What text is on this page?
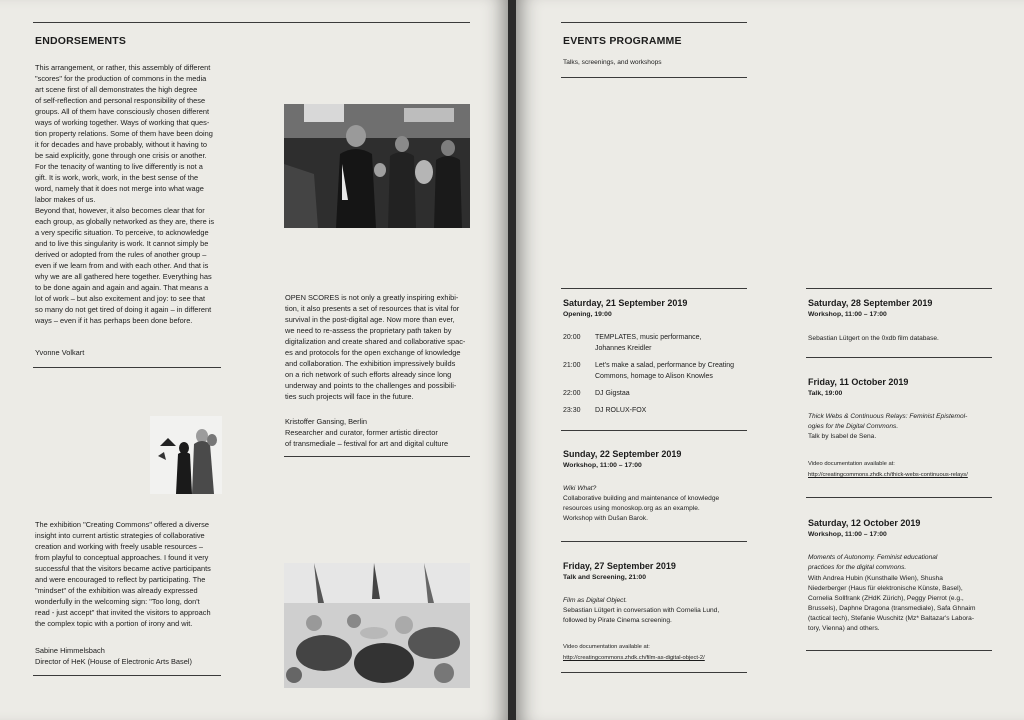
ENDORSEMENTS
This arrangement, or rather, this assembly of different
"scores" for the production of commons in the media
art scene first of all demonstrates the high degree
of self-reflection and personal responsibility of these
groups. All of them have consciously chosen different
ways of working together. Ways of working that ques-
tion property relations. Some of them have been doing
it for decades and have probably, without it having to
be said explicitly, gone through one crisis or another.
For the tenacity of wanting to live differently is not a
gift. It is work, work, work, in the best sense of the
word, namely that it does not merge into what wage
labor makes of us.
Beyond that, however, it also becomes clear that for
each group, as globally networked as they are, there is
a very specific situation. To perceive, to acknowledge
and to live this singularity is work. It cannot simply be
derived or adopted from the rules of another group –
even if we learn from and with each other. And that is
why we are all gathered here together. Everything has
to be done again and again and again. That means a
lot of work – but also excitement and joy: to see that
so many do not get tired of doing it again – in different
ways – even if it has perhaps been done before.
Yvonne Volkart
OPEN SCORES is not only a greatly inspiring exhibi-
tion, it also presents a set of resources that is vital for
survival in the post-digital age. Now more than ever,
we need to re-assess the proprietary path taken by
digitalization and create shared and collaborative spac-
es and protocols for the open exchange of knowledge
and collaboration. The exhibition impressively builds
on a rich network of such efforts already since long
underway and points to the challenges and possibili-
ties such projects will face in the future.
Kristoffer Gansing, Berlin
Researcher and curator, former artistic director
of transmediale – festival for art and digital culture
The exhibition "Creating Commons" offered a diverse
insight into current artistic strategies of collaborative
creation and working with freely usable resources –
from playful to conceptual approaches. I found it very
successful that the visitors became active participants
and were encouraged to reflect by participating. The
"mindset" of the exhibition was already expressed
wonderfully in the welcoming sign: "Too long, don't
read - just accept" that invited the visitors to approach
the complex topic with a portion of irony and wit.
Sabine Himmelsbach
Director of HeK (House of Electronic Arts Basel)
EVENTS PROGRAMME
Talks, screenings, and workshops
Saturday, 21 September 2019
Opening, 19:00
20:00	TEMPLATES, music performance,
Johannes Kreidler
21:00	Let's make a salad, performance by Creating
Commons, homage to Alison Knowles
22:00	DJ Gigstaa
23:30	DJ ROLUX-FOX
Sunday, 22 September 2019
Workshop, 11:00 – 17:00
Wiki What?
Collaborative building and maintenance of knowledge
resources using monoskop.org as an example.
Workshop with Dušan Barok.
Friday, 27 September 2019
Talk and Screening, 21:00
Film as Digital Object.
Sebastian Lütgert in conversation with Cornelia Lund,
followed by Pirate Cinema screening.
Video documentation available at:
http://creatingcommons.zhdk.ch/film-as-digital-object-2/
Saturday, 28 September 2019
Workshop, 11:00 – 17:00
Sebastian Lütgert on the 0xdb film database.
Friday, 11 October 2019
Talk, 19:00
Thick Webs & Continuous Relays: Feminist Epistemol-
ogies for the Digital Commons.
Talk by Isabel de Sena.
Video documentation available at:
http://creatingcommons.zhdk.ch/thick-webs-continuous-relays/
Saturday, 12 October 2019
Workshop, 11:00 – 17:00
Moments of Autonomy. Feminist educational
practices for the digital commons.
With Andrea Hubin (Kunsthalle Wien), Shusha
Niederberger (Haus für elektronische Künste, Basel),
Cornelia Sollfrank (ZHdK Zürich), Peggy Pierrot (e.g.,
Brussels), Daphne Dragona (transmediale), Safa Ghnaim
(tactical tech), Stefanie Wuschitz (Mz* Baltazar's Labora-
tory, Vienna) and others.
